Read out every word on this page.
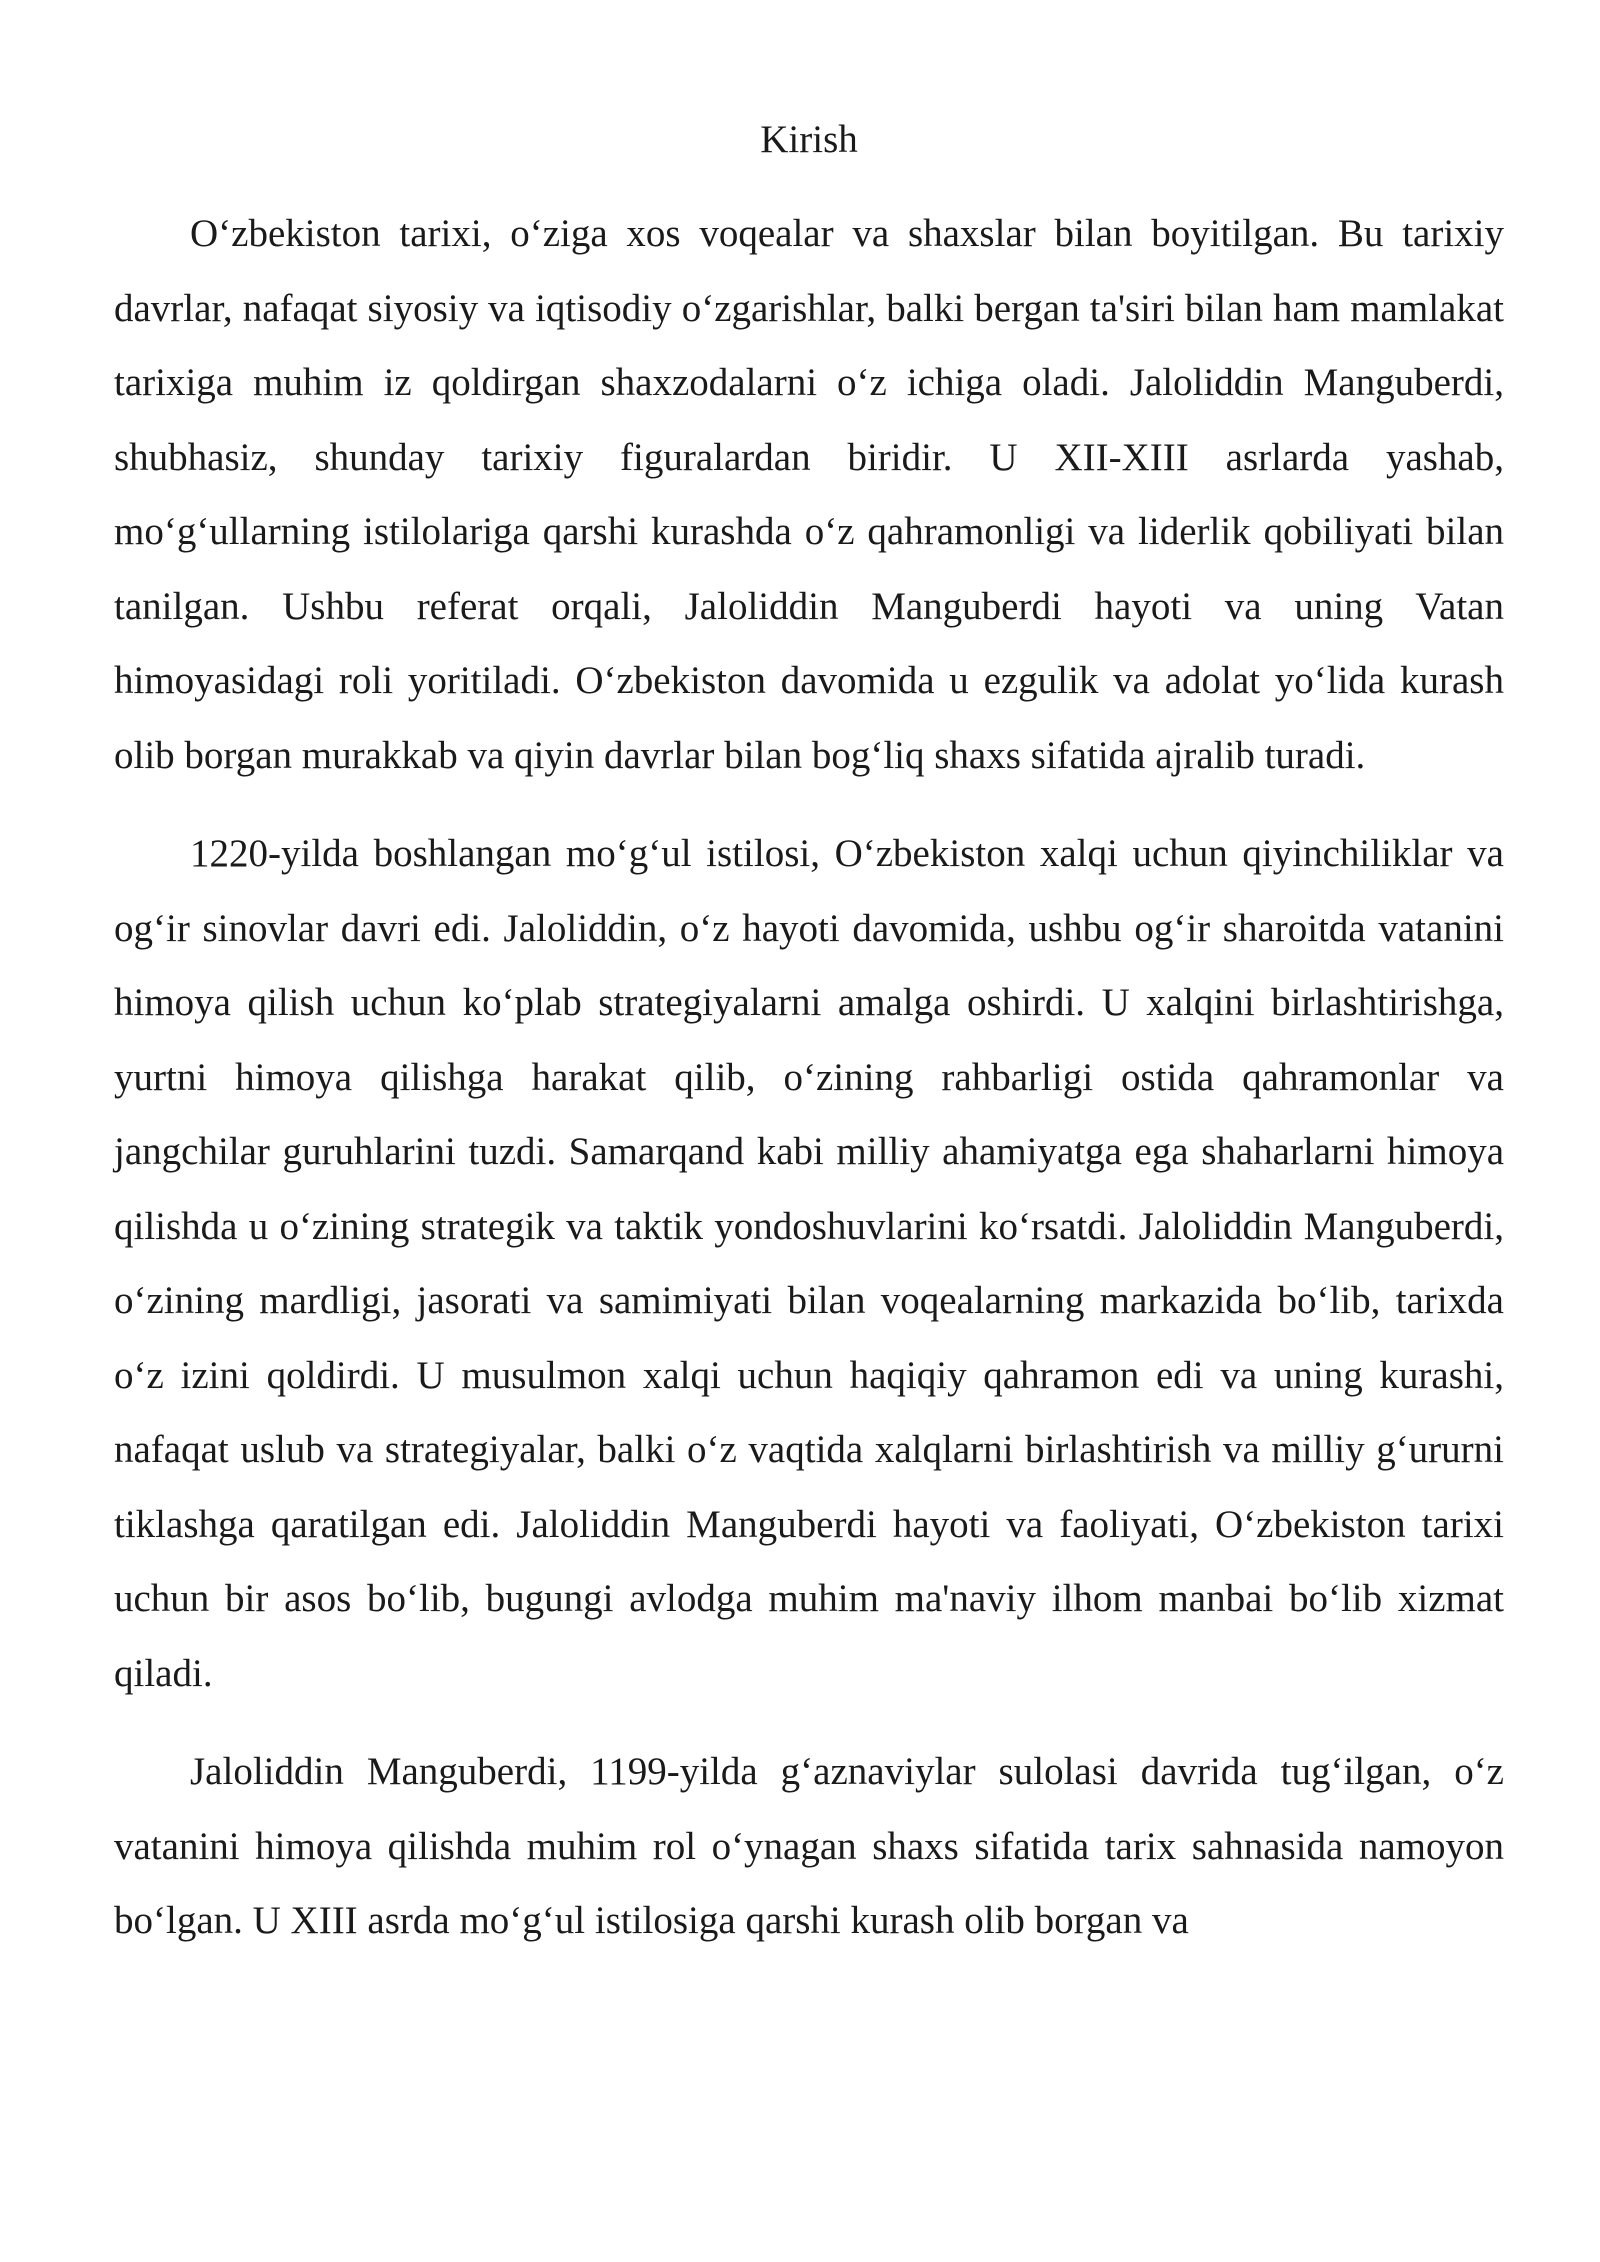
Kirish

O‘zbekiston tarixi, o‘ziga xos voqealar va shaxslar bilan boyitilgan. Bu tarixiy davrlar, nafaqat siyosiy va iqtisodiy o‘zgarishlar, balki bergan ta'siri bilan ham mamlakat tarixiga muhim iz qoldirgan shaxzodalarni o‘z ichiga oladi. Jaloliddin Manguberdi, shubhasiz, shunday tarixiy figuralardan biridir. U XII-XIII asrlarda yashab, mo‘g‘ullarning istilolariga qarshi kurashda o‘z qahramonligi va liderlik qobiliyati bilan tanilgan. Ushbu referat orqali, Jaloliddin Manguberdi hayoti va uning Vatan himoyasidagi roli yoritiladi. O‘zbekiston davomida u ezgulik va adolat yo‘lida kurash olib borgan murakkab va qiyin davrlar bilan bog‘liq shaxs sifatida ajralib turadi.

1220-yilda boshlangan mo‘g‘ul istilosi, O‘zbekiston xalqi uchun qiyinchiliklar va og‘ir sinovlar davri edi. Jaloliddin, o‘z hayoti davomida, ushbu og‘ir sharoitda vatanini himoya qilish uchun ko‘plab strategiyalarni amalga oshirdi. U xalqini birlashtirishga, yurtni himoya qilishga harakat qilib, o‘zining rahbarligi ostida qahramonlar va jangchilar guruhlarini tuzdi. Samarqand kabi milliy ahamiyatga ega shaharlarni himoya qilishda u o‘zining strategik va taktik yondoshuvlarini ko‘rsatdi. Jaloliddin Manguberdi, o‘zining mardligi, jasorati va samimiyati bilan voqealarning markazida bo‘lib, tarixda o‘z izini qoldirdi. U musulmon xalqi uchun haqiqiy qahramon edi va uning kurashi, nafaqat uslub va strategiyalar, balki o‘z vaqtida xalqlarni birlashtirish va milliy g‘ururni tiklashga qaratilgan edi. Jaloliddin Manguberdi hayoti va faoliyati, O‘zbekiston tarixi uchun bir asos bo‘lib, bugungi avlodga muhim ma'naviy ilhom manbai bo‘lib xizmat qiladi.

Jaloliddin Manguberdi, 1199-yilda g‘aznaviylar sulolasi davrida tug‘ilgan, o‘z vatanini himoya qilishda muhim rol o‘ynagan shaxs sifatida tarix sahnasida namoyon bo‘lgan. U XIII asrda mo‘g‘ul istilosiga qarshi kurash olib borgan va
